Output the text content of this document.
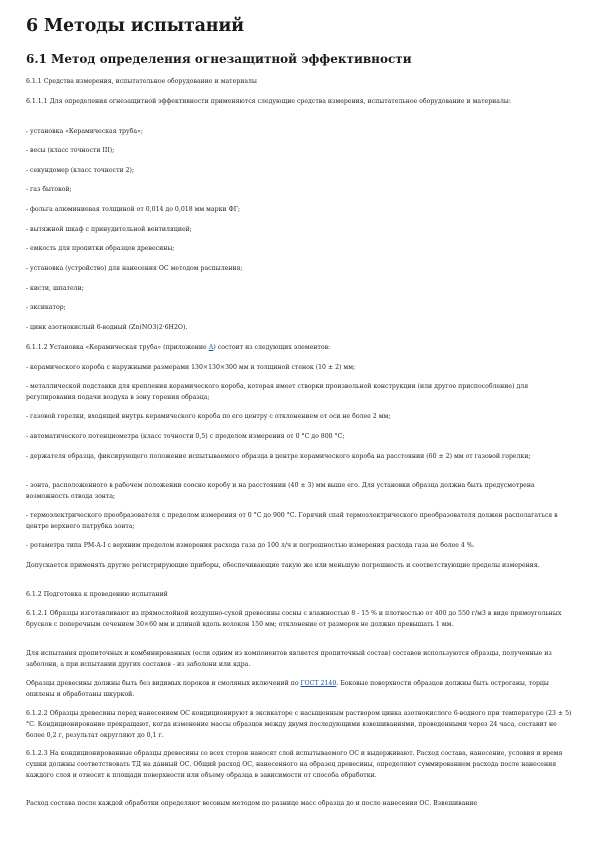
6 Методы испытаний
6.1 Метод определения огнезащитной эффективности
6.1.1 Средства измерения, испытательное оборудование и материалы
6.1.1.1 Для определения огнезащитной эффективности применяются следующие средства измерения, испытательное оборудование и материалы:
- установка «Керамическая труба»;
- весы (класс точности III);
- секундомер (класс точности 2);
- газ бытовой;
- фольга алюминиевая толщиной от 0,014 до 0,018 мм марки ФГ;
- вытяжной шкаф с принудительной вентиляцией;
- емкость для пропитки образцов древесины;
- установка (устройство) для нанесения ОС методом распыления;
- кисти, шпатели;
- эксикатор;
- цинк азотнокислый 6-водный (Zn(NO3)2·6H2O).
6.1.1.2 Установка «Керамическая труба» (приложение А) состоит из следующих элементов:
- керамического короба с наружными размерами 130×130×300 мм и толщиной стенок (10 ± 2) мм;
- металлической подставки для крепления керамического короба, которая имеет створки произвольной конструкции (или другое приспособление) для регулирования подачи воздуха в зону горения образца;
- газовой горелки, входящей внутрь керамического короба по его центру с отклонением от оси не более 2 мм;
- автоматического потенциометра (класс точности 0,5) с пределом измерения от 0 °С до 800 °С;
- держателя образца, фиксирующего положение испытываемого образца в центре керамического короба на расстоянии (60 ± 2) мм от газовой горелки;
- зонта, расположенного в рабочем положении соосно коробу и на расстоянии (40 ± 3) мм выше его. Для установки образца должна быть предусмотрена возможность отвода зонта;
- термоэлектрического преобразователя с пределом измерения от 0 °С до 900 °С. Горячий спай термоэлектрического преобразователя должен располагаться в центре верхнего патрубка зонта;
- ротаметра типа РМ-А-I с верхним пределом измерения расхода газа до 100 л/ч и погрешностью измерения расхода газа не более 4 %.
Допускается применять другие регистрирующие приборы, обеспечивающие такую же или меньшую погрешность и соответствующие пределы измерения.
6.1.2 Подготовка к проведению испытаний
6.1.2.1 Образцы изготавливают из прямослойной воздушно-сухой древесины сосны с влажностью 8 - 15 % и плотностью от 400 до 550 г/м3 в виде прямоугольных брусков с поперечным сечением 30×60 мм и длиной вдоль волокон 150 мм; отклонение от размеров не должно превышать 1 мм.
Для испытания пропиточных и комбинированных (если одним из компонентов является пропиточный состав) составов используются образцы, полученные из заболони, а при испытании других составов - из заболони или ядра.
Образцы древесины должны быть без видимых пороков и смоляных включений по ГОСТ 2140. Боковые поверхности образцов должны быть остроганы, торцы опилены и обработаны шкуркой.
6.1.2.2 Образцы древесины перед нанесением ОС кондиционируют в эксикаторе с насыщенным раствором цинка азотнокислого 6-водного при температуре (23 ± 5) °С. Кондиционирование прекращают, когда изменение массы образцов между двумя последующими взвешиваниями, проведенными через 24 часа, составит не более 0,2 г, результат округляют до 0,1 г.
6.1.2.3 На кондиционированные образцы древесины со всех сторон наносят слой испытываемого ОС и выдерживают. Расход состава, нанесение, условия и время сушки должны соответствовать ТД на данный ОС. Общий расход ОС, нанесенного на образец древесины, определяют суммированием расхода после нанесения каждого слоя и относят к площади поверхности или объему образца в зависимости от способа обработки.
Расход состава после каждой обработки определяют весовым методом по разнице масс образца до и после нанесения ОС. Взвешивание
